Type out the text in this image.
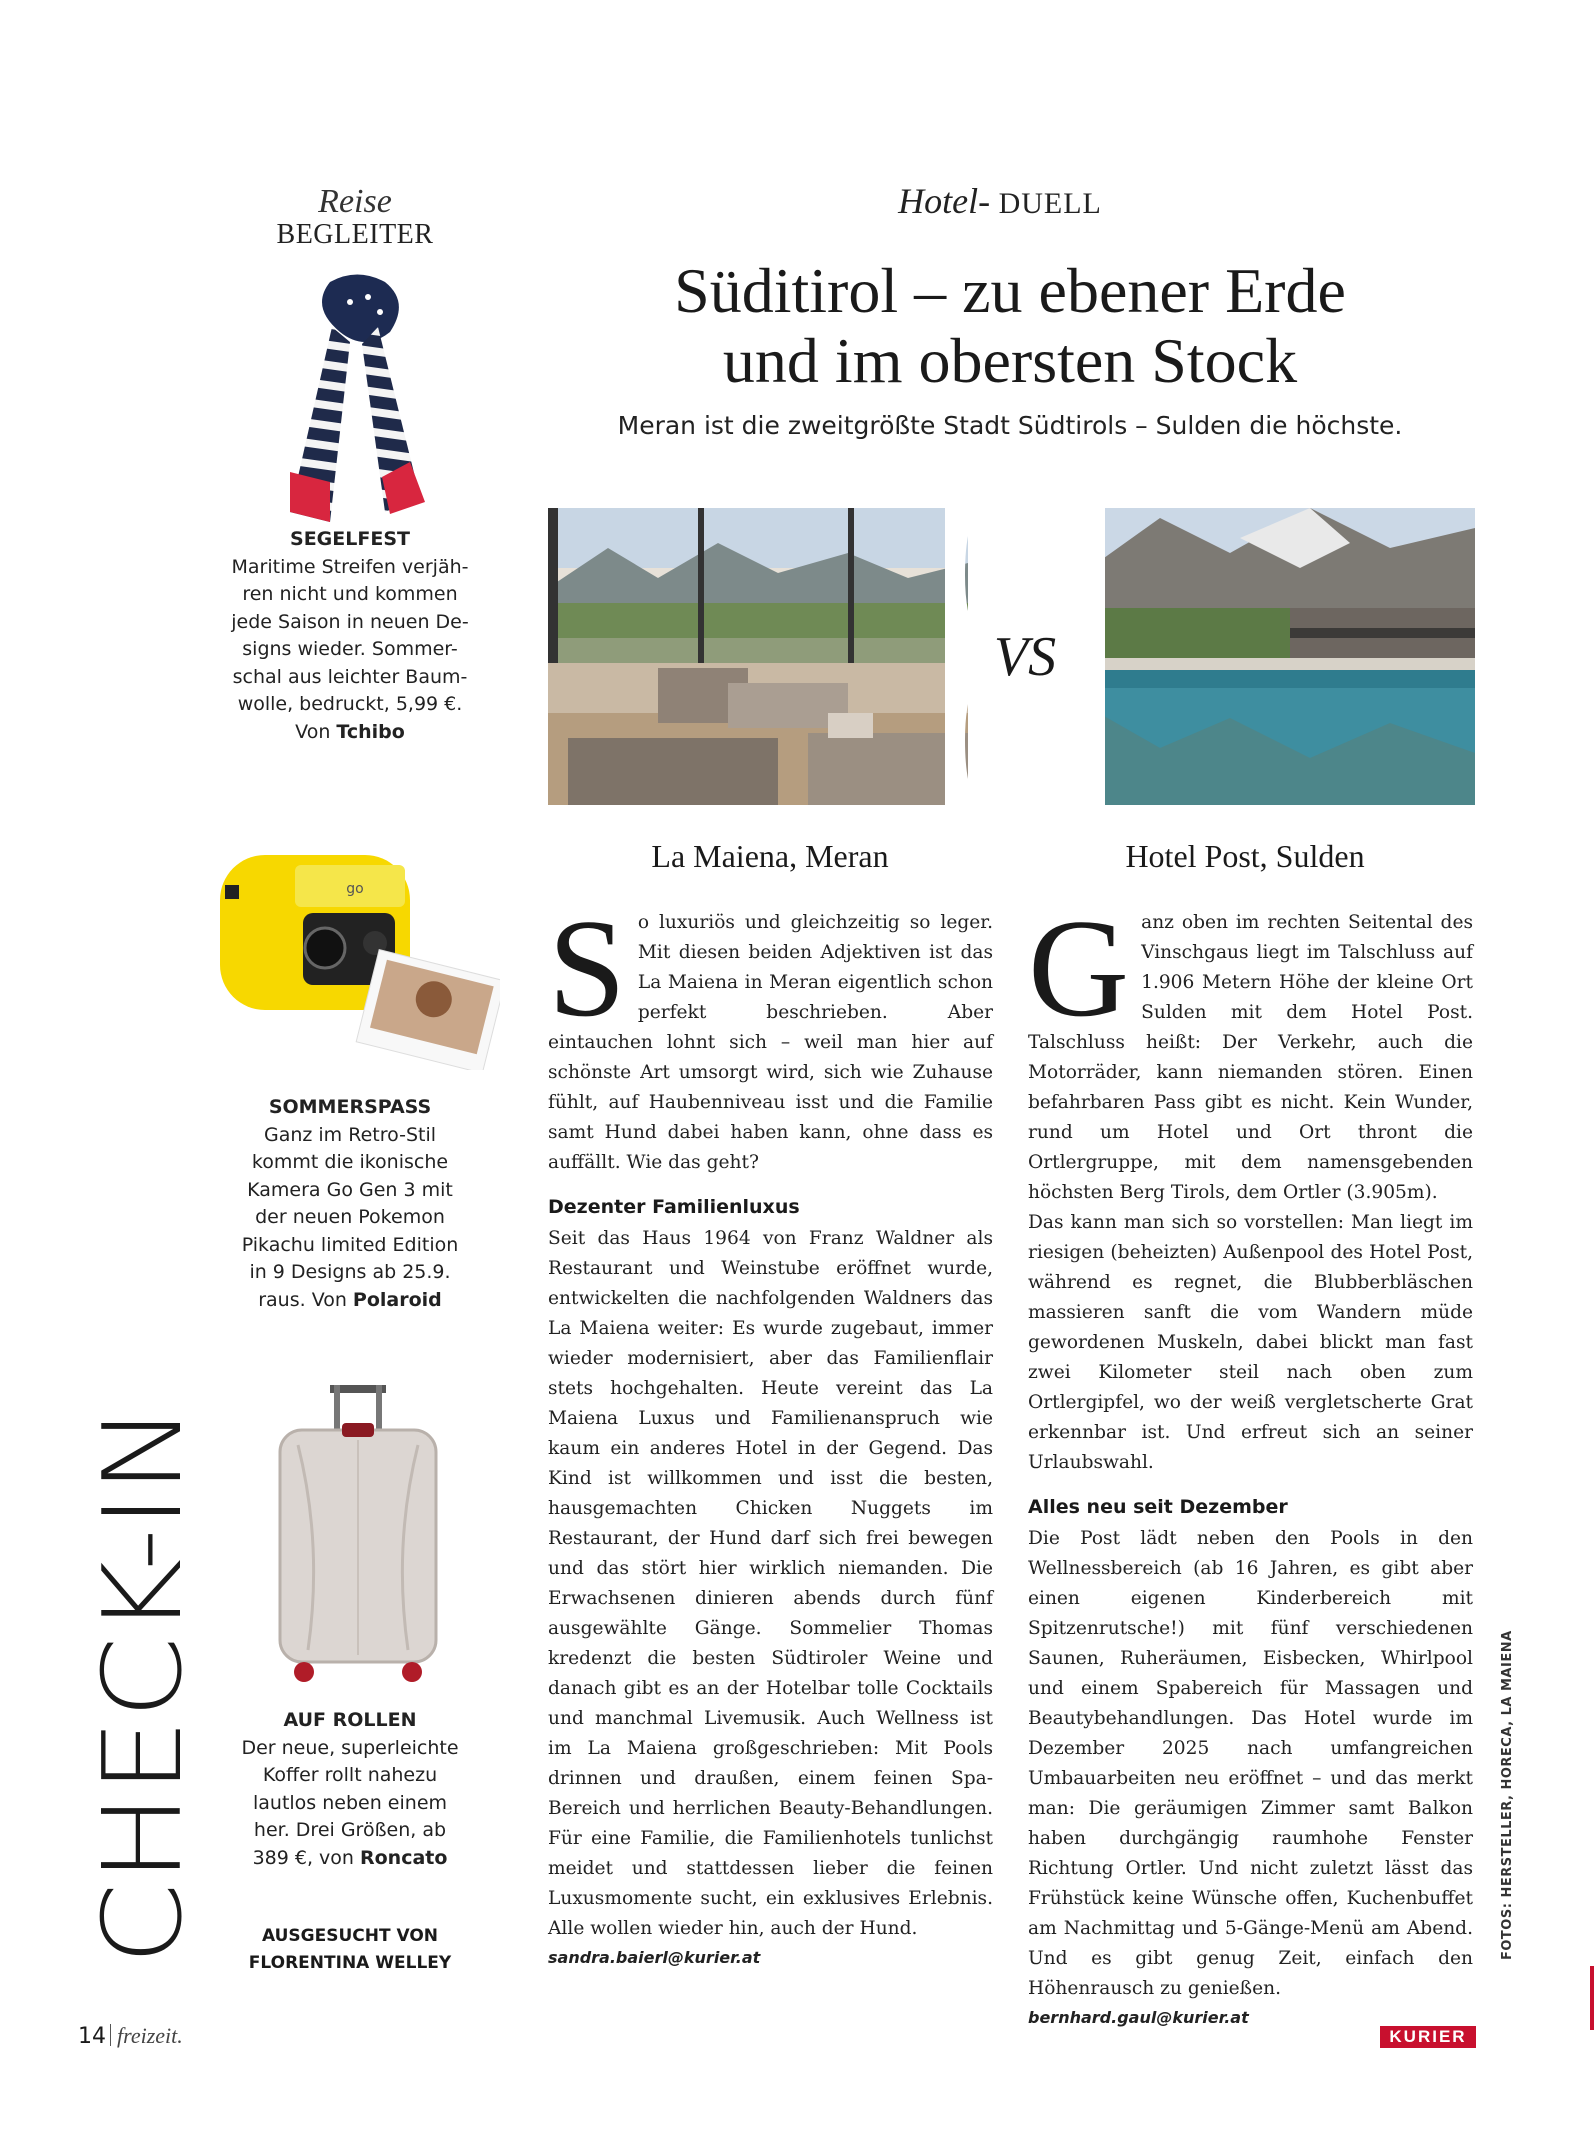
Reise
BEGLEITER
SEGELFEST
Maritime Streifen verjäh-
ren nicht und kommen
jede Saison in neuen De-
signs wieder. Sommer-
schal aus leichter Baum-
wolle, bedruckt, 5,99 €.
Von Tchibo
go
SOMMERSPASS
Ganz im Retro-Stil
kommt die ikonische
Kamera Go Gen 3 mit
der neuen Pokemon
Pikachu limited Edition
in 9 Designs ab 25.9.
raus. Von Polaroid
AUF ROLLEN
Der neue, superleichte
Koffer rollt nahezu
lautlos neben einem
her. Drei Größen, ab
389 €, von Roncato
AUSGESUCHT VON
FLORENTINA WELLEY
CHECK-IN
Hotel- DUELL
Süditirol – zu ebener Erde
und im obersten Stock
Meran ist die zweitgrößte Stadt Südtirols – Sulden die höchste.
VS
La Maiena, Meran	Hotel Post, Sulden
S o luxuriös und gleichzeitig so leger. Mit diesen beiden Adjektiven ist das La Maiena in Meran eigentlich schon perfekt beschrieben. Aber eintauchen lohnt sich – weil man hier auf schönste Art umsorgt wird, sich wie Zuhause fühlt, auf Haubenniveau isst und die Familie samt Hund dabei haben kann, ohne dass es auffällt. Wie das geht?

Dezenter Familienluxus

Seit das Haus 1964 von Franz Waldner als Restaurant und Weinstube eröffnet wurde, entwickelten die nachfolgenden Waldners das La Maiena weiter: Es wurde zugebaut, immer wieder modernisiert, aber das Familienflair stets hochgehalten. Heute vereint das La Maiena Luxus und Familienanspruch wie kaum ein anderes Hotel in der Gegend. Das Kind ist willkommen und isst die besten, hausgemachten Chicken Nuggets im Restaurant, der Hund darf sich frei bewegen und das stört hier wirklich niemanden. Die Erwachsenen dinieren abends durch fünf ausgewählte Gänge. Sommelier Thomas kredenzt die besten Südtiroler Weine und danach gibt es an der Hotelbar tolle Cocktails und manchmal Livemusik. Auch Wellness ist im La Maiena großgeschrieben: Mit Pools drinnen und draußen, einem feinen Spa-Bereich und herrlichen Beauty-Behandlungen. Für eine Familie, die Familienhotels tunlichst meidet und stattdessen lieber die feinen Luxusmomente sucht, ein exklusives Erlebnis. Alle wollen wieder hin, auch der Hund.

sandra.baierl@kurier.at
G anz oben im rechten Seitental des Vinschgaus liegt im Talschluss auf 1.906 Metern Höhe der kleine Ort Sulden mit dem Hotel Post. Talschluss heißt: Der Verkehr, auch die Motorräder, kann niemanden stören. Einen befahrbaren Pass gibt es nicht. Kein Wunder, rund um Hotel und Ort thront die Ortlergruppe, mit dem namensgebenden höchsten Berg Tirols, dem Ortler (3.905m).

Das kann man sich so vorstellen: Man liegt im riesigen (beheizten) Außenpool des Hotel Post, während es regnet, die Blubberbläschen massieren sanft die vom Wandern müde gewordenen Muskeln, dabei blickt man fast zwei Kilometer steil nach oben zum Ortlergipfel, wo der weiß vergletscherte Grat erkennbar ist. Und erfreut sich an seiner Urlaubswahl.

Alles neu seit Dezember

Die Post lädt neben den Pools in den Wellnessbereich (ab 16 Jahren, es gibt aber einen eigenen Kinderbereich mit Spitzenrutsche!) mit fünf verschiedenen Saunen, Ruheräumen, Eisbecken, Whirlpool und einem Spabereich für Massagen und Beautybehandlungen. Das Hotel wurde im Dezember 2025 nach umfangreichen Umbauarbeiten neu eröffnet – und das merkt man: Die geräumigen Zimmer samt Balkon haben durchgängig raumhohe Fenster Richtung Ortler. Und nicht zuletzt lässt das Frühstück keine Wünsche offen, Kuchenbuffet am Nachmittag und 5-Gänge-Menü am Abend. Und es gibt genug Zeit, einfach den Höhenrausch zu genießen.

bernhard.gaul@kurier.at
14 freizeit.	KURIER
FOTOS: HERSTELLER, HORECA, LA MAIENA
